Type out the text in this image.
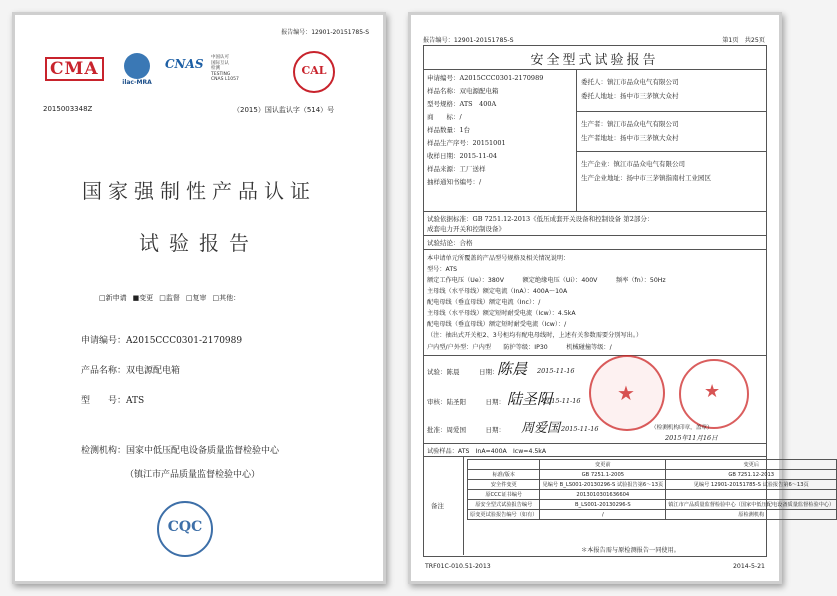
报告编号：12901-20151785-S
CMA
ilac-MRA
CNAS 中国认可
国际互认
检测
TESTING
CNAS L1057
CAL
2015003348Z	（2015）国认监认字（514）号
国家强制性产品认证
试验报告
□新申请 ■变更 □监督 □复审 □其他：
申请编号：A2015CCC0301-2170989
产品名称：双电源配电箱
型　　号：ATS
检测机构：国家中低压配电设备质量监督检验中心
（镇江市产品质量监督检验中心）
CQC
报告编号：12901-20151785-S	第1页　共25页
安全型式试验报告
申请编号：A2015CCC0301-2170989
样品名称：双电源配电箱
型号规格：ATS　400A
商　　标：/
样品数量：1台
样品生产序号：20151001
收样日期：2015-11-04
样品来源：工厂送样
抽样通知书编号：/
委托人：镇江市品众电气有限公司
委托人地址：扬中市三茅镇大众村
生产者：镇江市品众电气有限公司
生产者地址：扬中市三茅镇大众村
生产企业：镇江市品众电气有限公司
生产企业地址：扬中市三茅镇指南村工业园区
试验依据标准：GB 7251.12-2013《低压成套开关设备和控制设备 第2部分：
成套电力开关和控制设备》
试验结论：合格
本申请单元所覆盖的产品型号规格及相关情况说明：
型号：ATS
额定工作电压（Ue）：380V　　　额定绝缘电压（Ui）：400V　　　频率（fn）：50Hz
主母线（水平母线）额定电流（InA）：400A～10A
配电母线（垂直母线）额定电流（Inc）：/
主母线（水平母线）额定短时耐受电流（Icw）：4.5kA
配电母线（垂直母线）额定短时耐受电流（Icw）：/
（注：抽出式开关柜2、3号柜均有配电母线时，上述有关参数需要分别写出。）
户内型/户外型：户内型　　防护等级：IP30　　　机械碰撞等级：/
试验：陈晨　　　日期：
陈晨 2015-11-16
审核：陆圣阳　　　日期： 陆圣阳
2015-11-16
批准：周爱国　　　日期： 周爱国 2015-11-16
★	★
（检测机构印章，盖章）
2015年11月16日
试验样品：ATS　InA=400A　Icw=4.5kA
备注
	变更前	变更后
标准/版本	GB 7251.1-2005	GB 7251.12-2013
安全件变更	见编号 B_LS001-20130296-S 试验报告第6～13页	见编号 12901-20151785-S 试验报告第6～13页
原CCC证书编号	2013010301636604	
原安全型式试验报告编号	B_LS001-20130296-S	镇江市产品质量监督检验中心（国家中低压配电设备质量监督检验中心）
原变更试验报告编号（如有）	/	原检测机构
＊本报告需与原检测报告一同使用。
TRF01C-010.51-2013	2014-5-21
